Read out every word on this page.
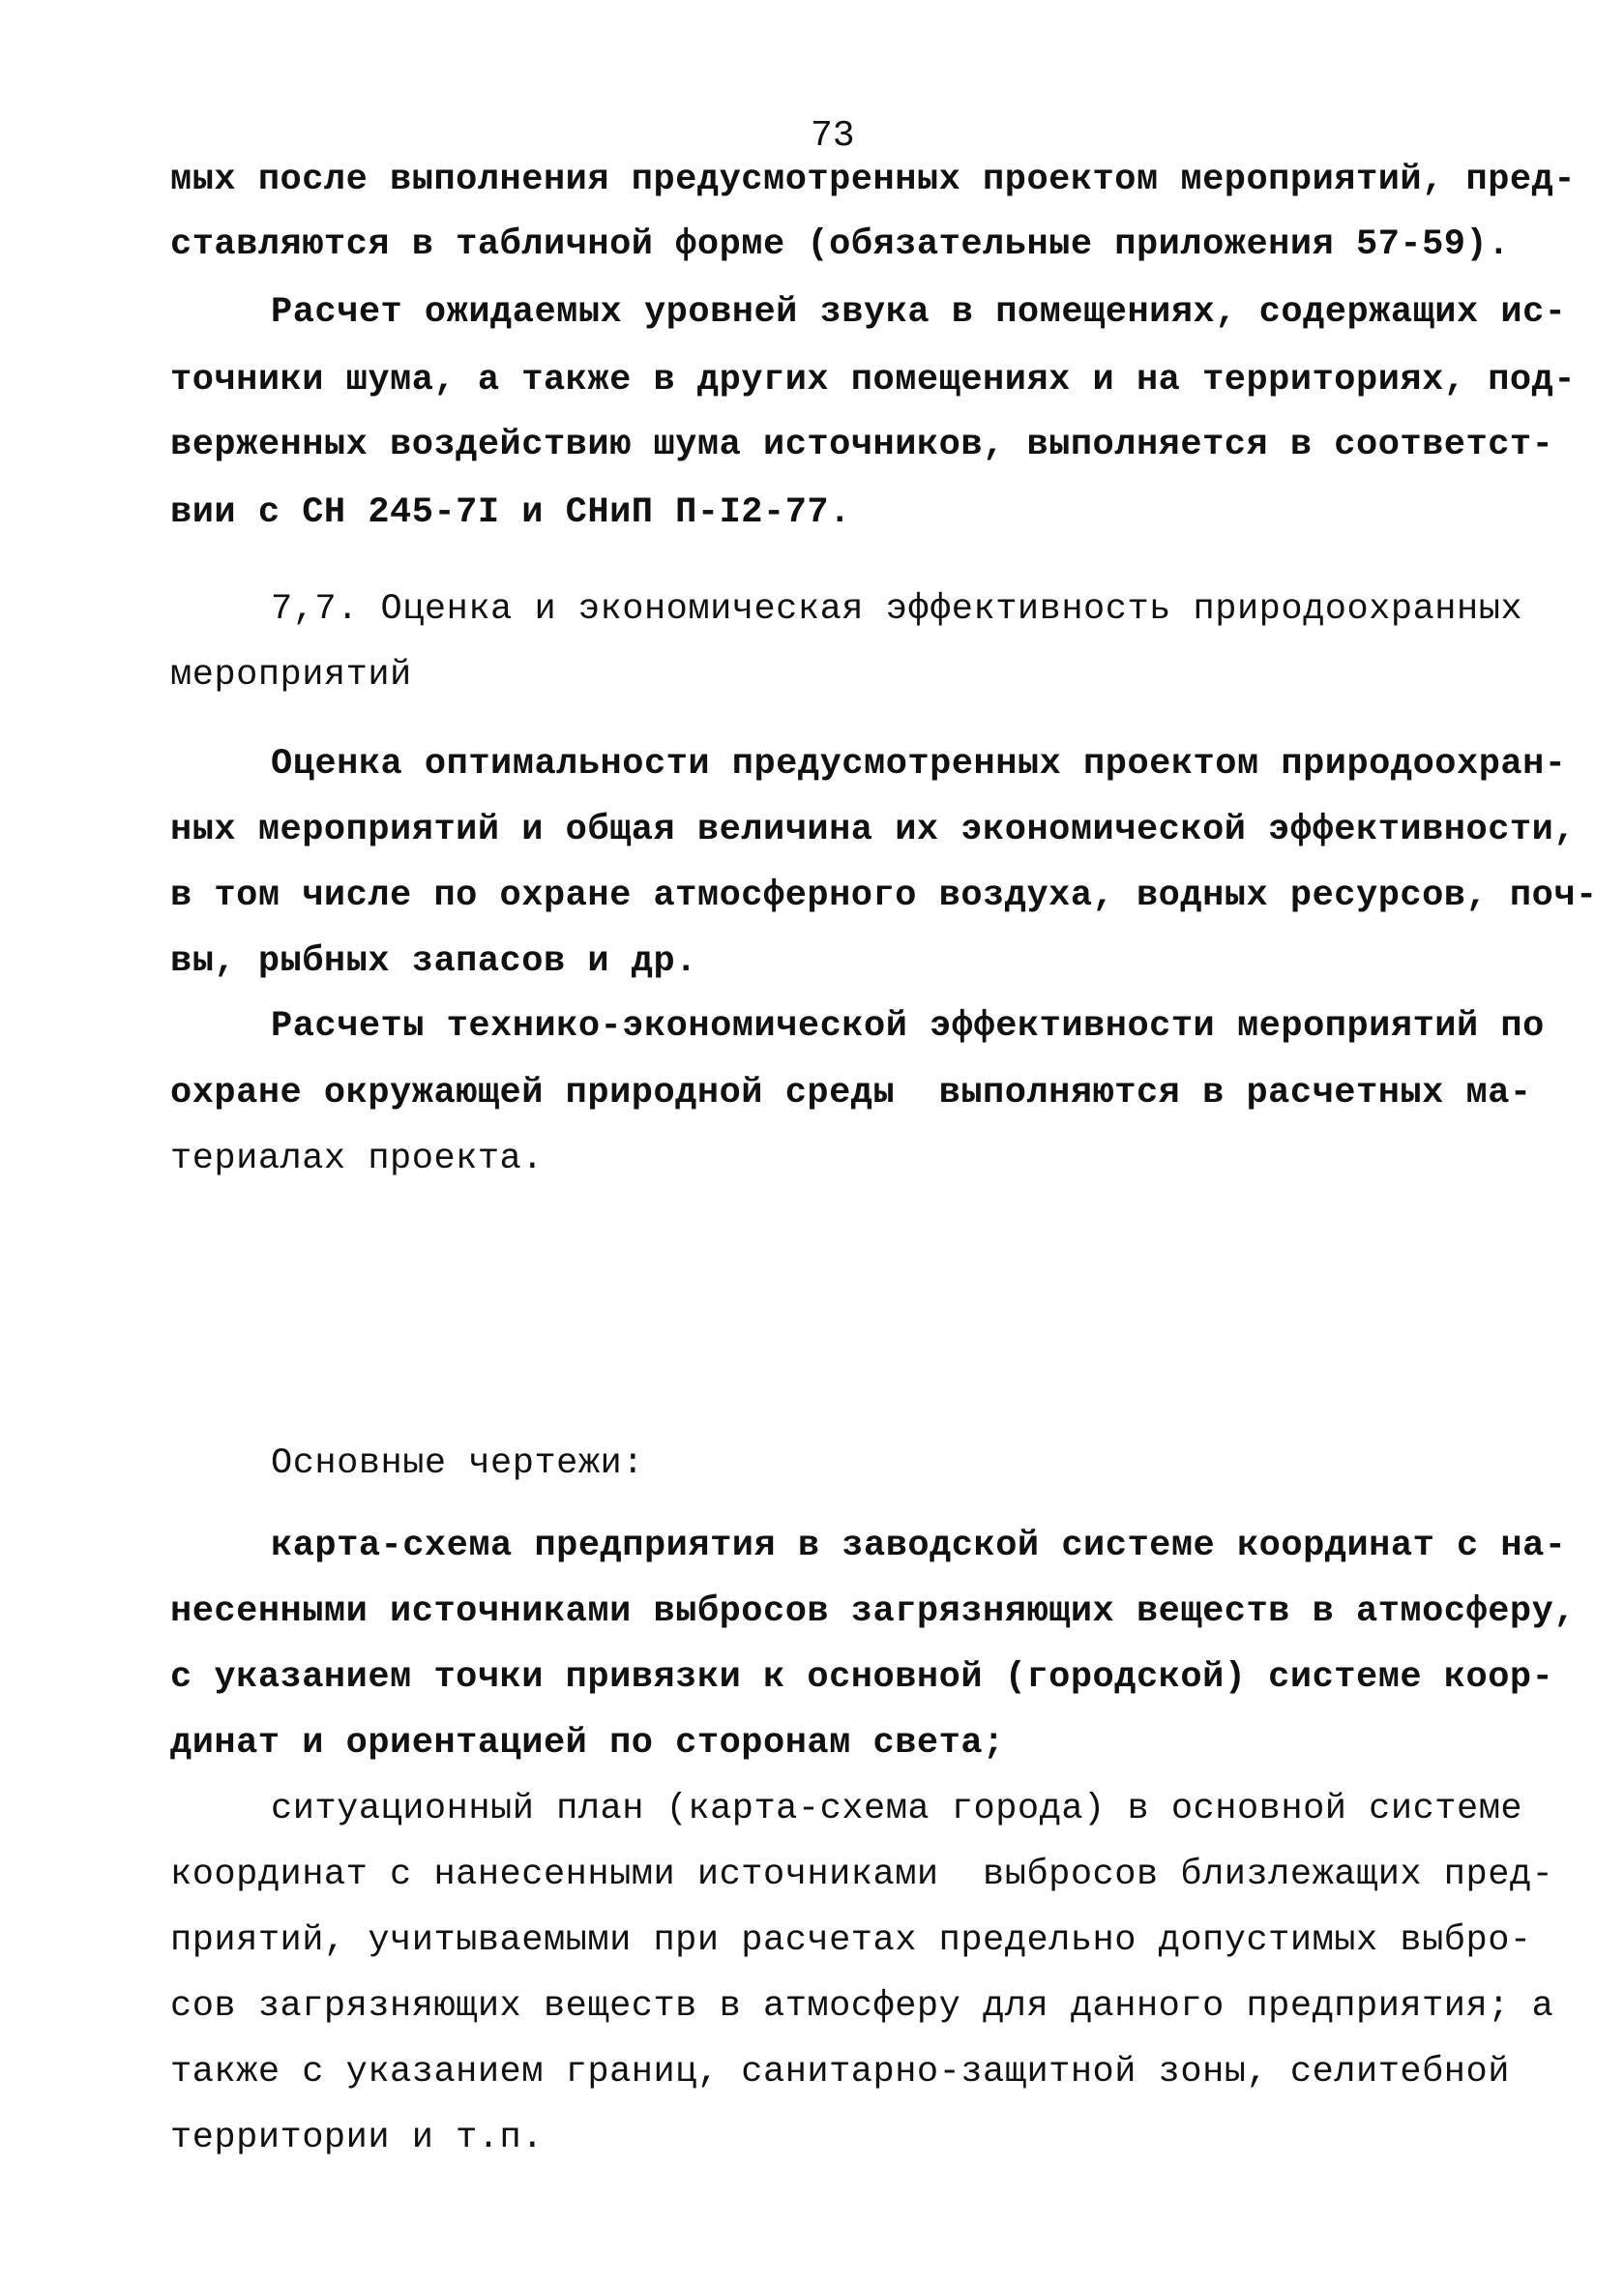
73
мых после выполнения предусмотренных проектом мероприятий, пред-
ставляются в табличной форме (обязательные приложения 57-59).
Расчет ожидаемых уровней звука в помещениях, содержащих ис-
точники шума, а также в других помещениях и на территориях, под-
верженных воздействию шума источников, выполняется в соответст-
вии с СН 245-7I и СНиП П-I2-77.
7,7. Оценка и экономическая эффективность природоохранных
мероприятий
Оценка оптимальности предусмотренных проектом природоохран-
ных мероприятий и общая величина их экономической эффективности,
в том числе по охране атмосферного воздуха, водных ресурсов, поч-
вы, рыбных запасов и др.
Расчеты технико-экономической эффективности мероприятий по
охране окружающей природной среды  выполняются в расчетных ма-
териалах проекта.
Основные чертежи:
карта-схема предприятия в заводской системе координат с на-
несенными источниками выбросов загрязняющих веществ в атмосферу,
с указанием точки привязки к основной (городской) системе коор-
динат и ориентацией по сторонам света;
ситуационный план (карта-схема города) в основной системе
координат с нанесенными источниками  выбросов близлежащих пред-
приятий, учитываемыми при расчетах предельно допустимых выбро-
сов загрязняющих веществ в атмосферу для данного предприятия; а
также с указанием границ, санитарно-защитной зоны, селитебной
территории и т.п.
